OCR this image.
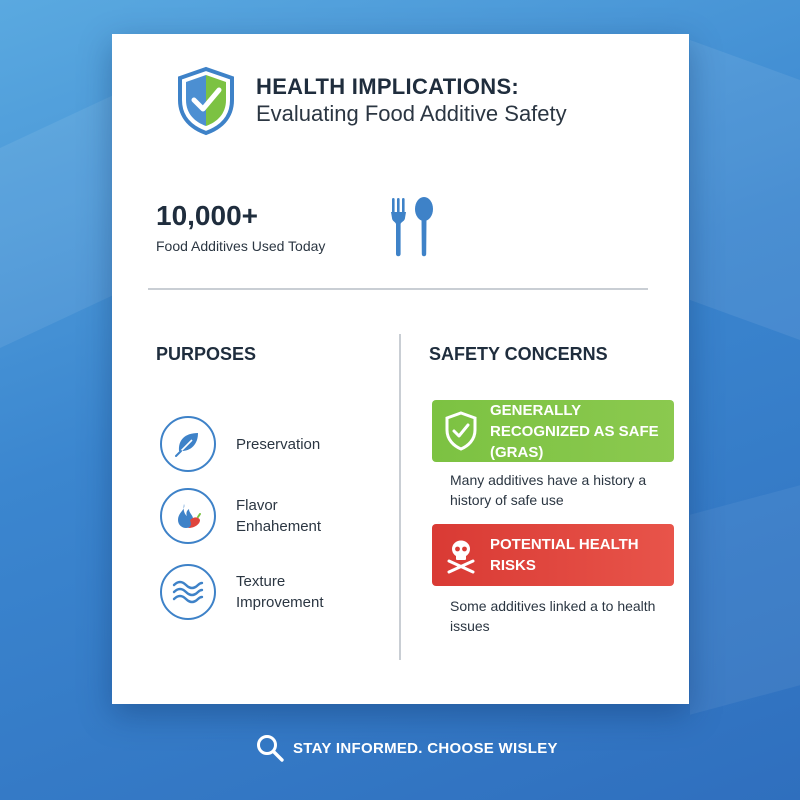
HEALTH IMPLICATIONS:
Evaluating Food Additive Safety
10,000+
Food Additives Used Today
PURPOSES
Preservation
Flavor Enhahement
Texture Improvement
SAFETY CONCERNS
GENERALLY RECOGNIZED AS SAFE (GRAS)
Many additives have a history a history of safe use
POTENTIAL HEALTH RISKS
Some additives linked a to health issues
STAY INFORMED. CHOOSE WISLEY
